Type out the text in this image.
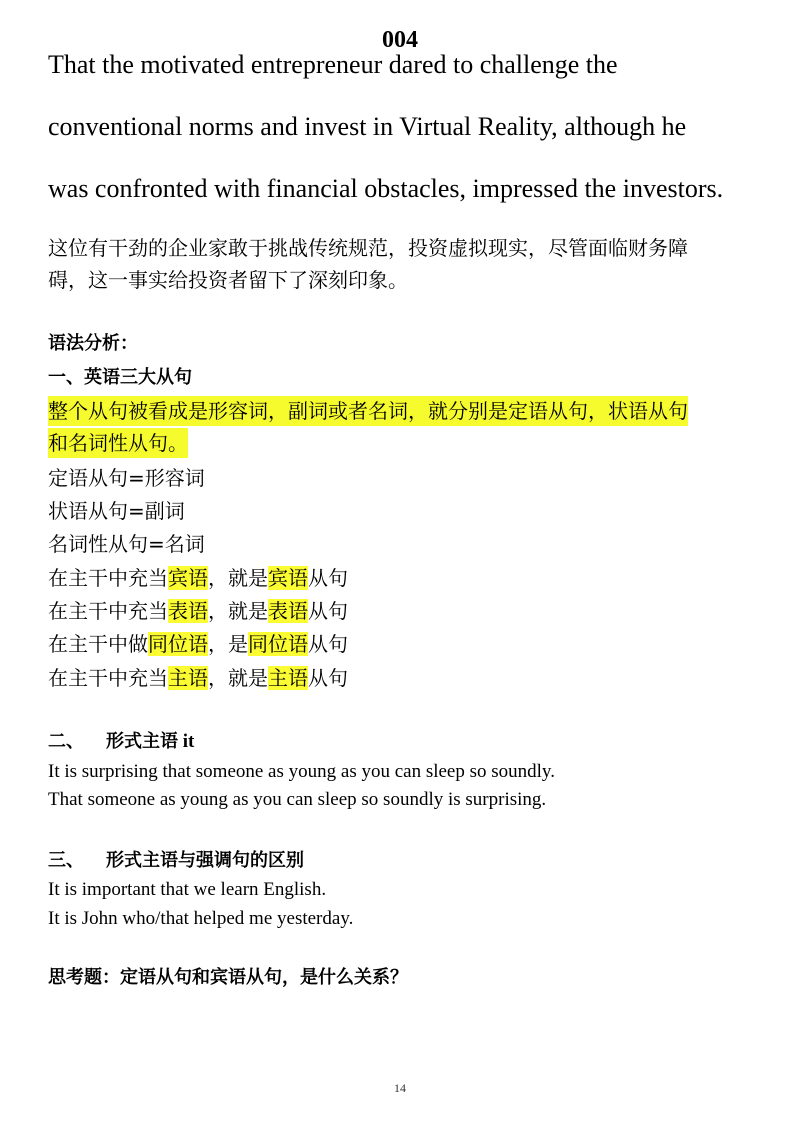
004
That the motivated entrepreneur dared to challenge the
conventional norms and invest in Virtual Reality, although he
was confronted with financial obstacles, impressed the investors.
这位有干劲的企业家敢于挑战传统规范，投资虚拟现实，尽管面临财务障
碍，这一事实给投资者留下了深刻印象。
语法分析：
一、英语三大从句
整个从句被看成是形容词，副词或者名词，就分别是定语从句，状语从句
和名词性从句。
定语从句=形容词
状语从句=副词
名词性从句=名词
在主干中充当宾语，就是宾语从句
在主干中充当表语，就是表语从句
在主干中做同位语，是同位语从句
在主干中充当主语，就是主语从句
二、 形式主语 it
It is surprising that someone as young as you can sleep so soundly.
That someone as young as you can sleep so soundly is surprising.
三、 形式主语与强调句的区别
It is important that we learn English.
It is John who/that helped me yesterday.
思考题：定语从句和宾语从句，是什么关系？
14
